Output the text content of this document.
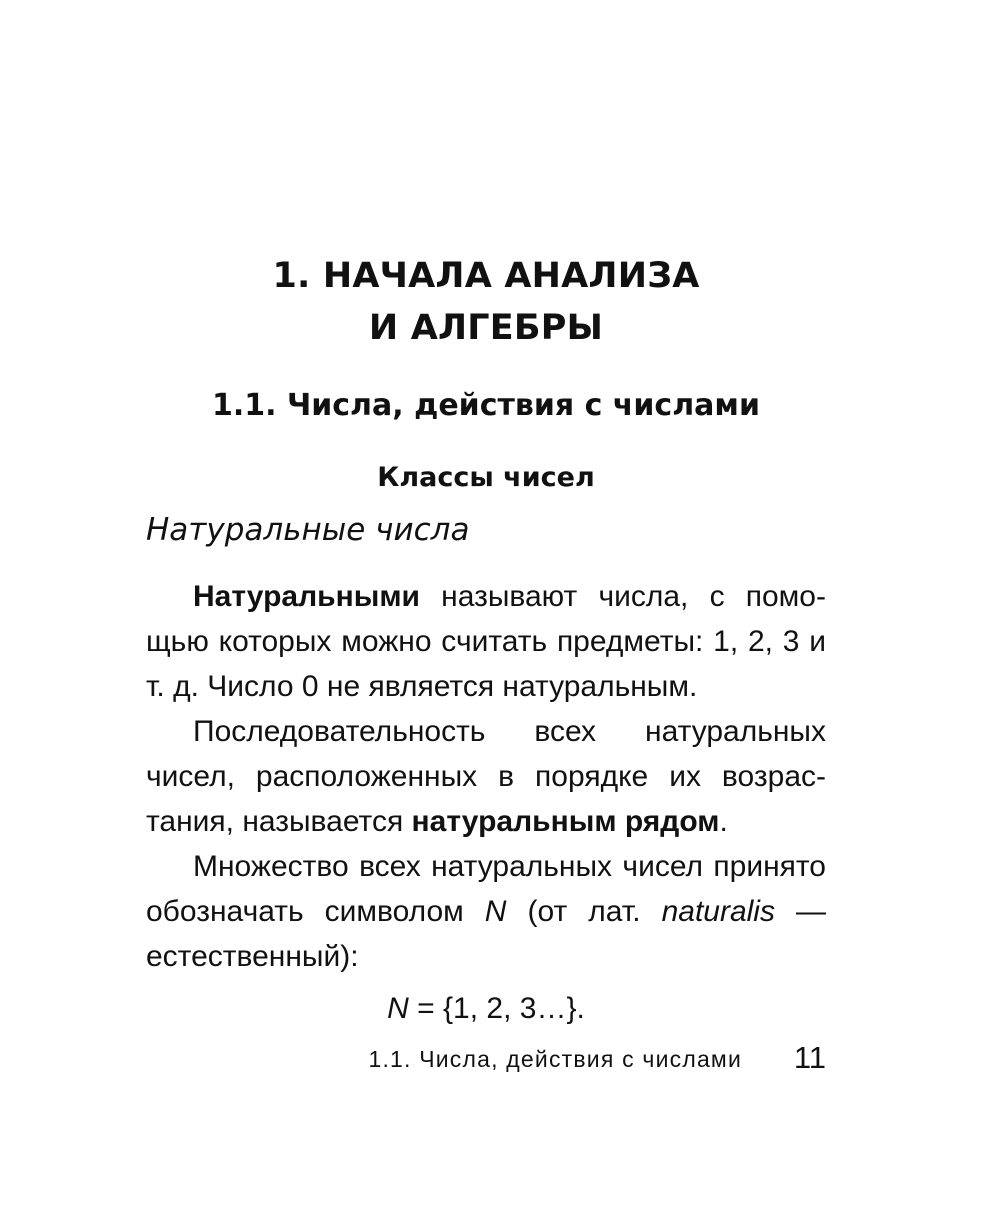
1. НАЧАЛА АНАЛИЗА
И АЛГЕБРЫ
1.1. Числа, действия с числами
Классы чисел
Натуральные числа

Натуральными называют числа, с помощью которых можно считать предметы: 1, 2, 3 и т. д. Число 0 не является натуральным.

Последовательность всех натуральных чисел, расположенных в порядке их возрастания, называется натуральным рядом.

Множество всех натуральных чисел принято обозначать символом N (от лат. naturalis — естественный):

N = {1, 2, 3…}.

1.1. Числа, действия с числами 11
